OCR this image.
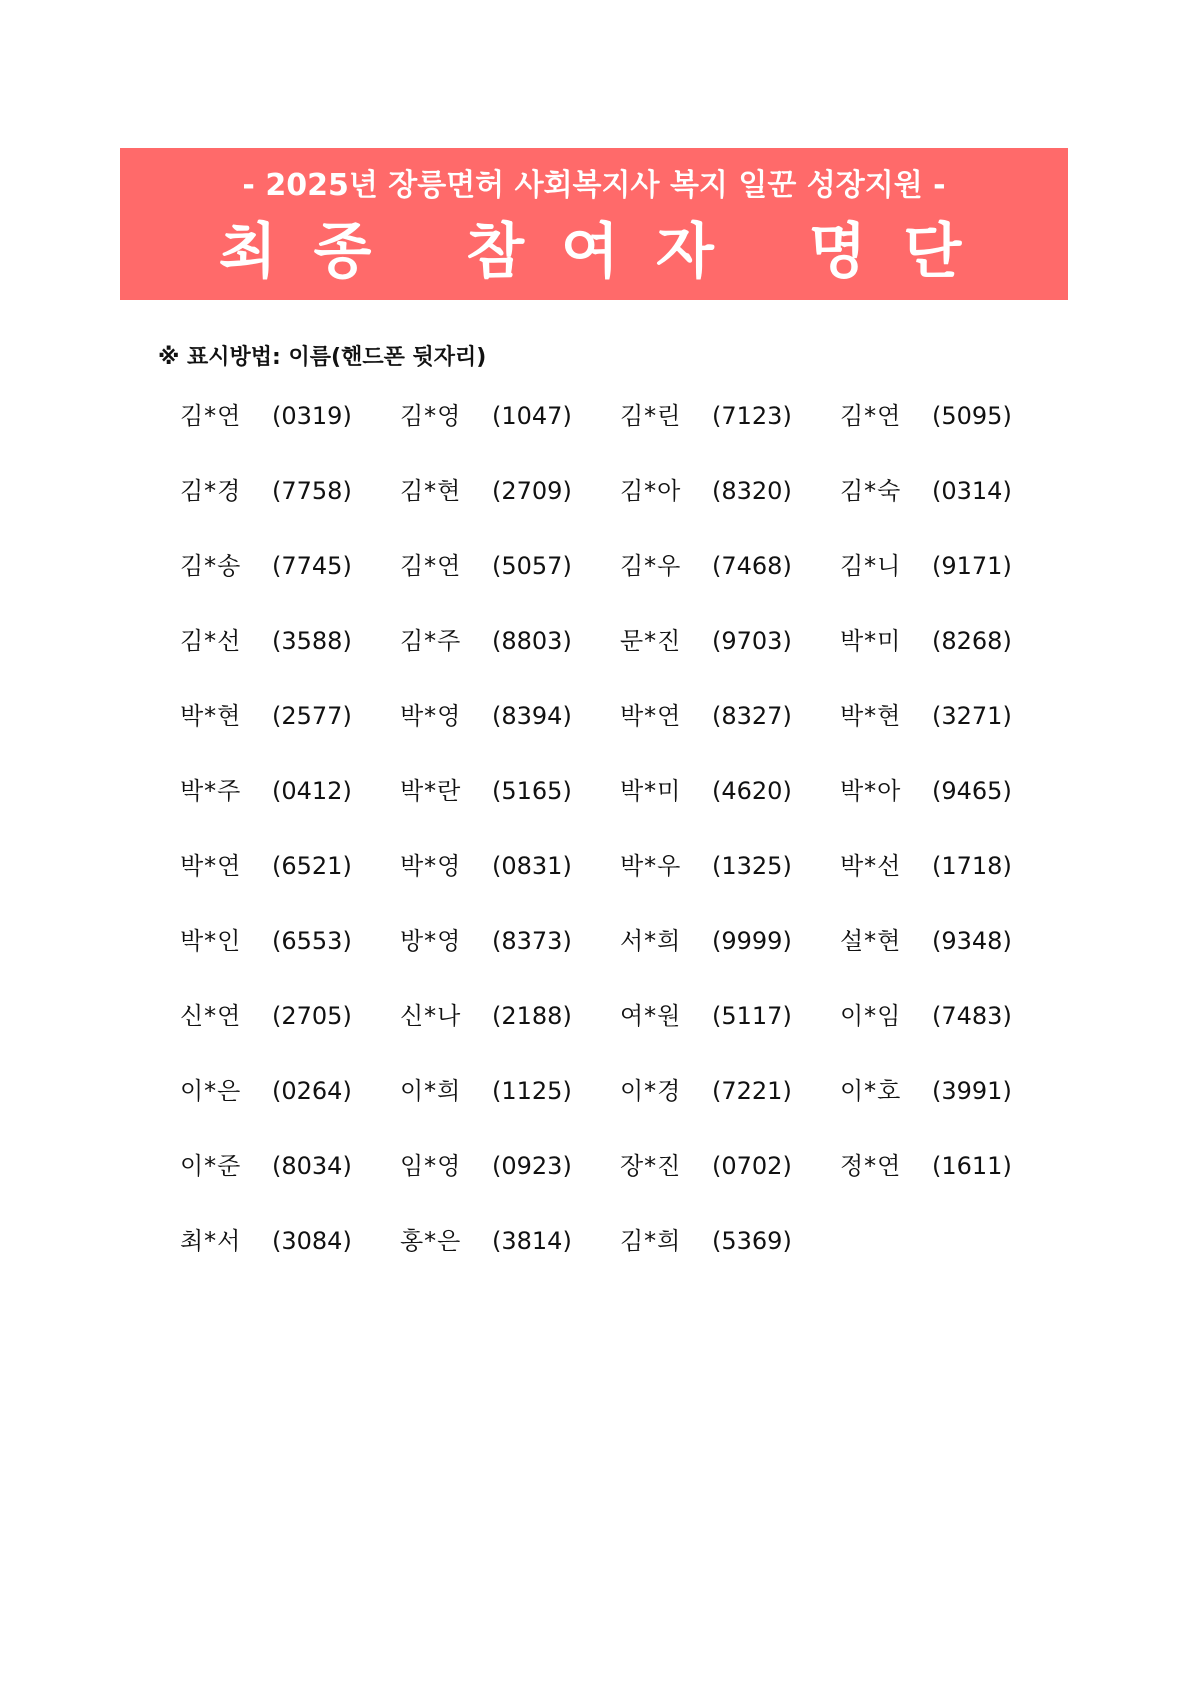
- 2025년 장릉면허 사회복지사 복지 일꾼 성장지원 -
최 종   참 여 자   명 단
※ 표시방법: 이름(핸드폰 뒷자리)
김*연	(0319) 김*영	(1047) 김*린	(7123) 김*연	(5095)
김*경	(7758) 김*현	(2709) 김*아	(8320) 김*숙	(0314)
김*송	(7745) 김*연	(5057) 김*우	(7468) 김*니	(9171)
김*선	(3588) 김*주	(8803) 문*진	(9703) 박*미	(8268)
박*현	(2577) 박*영	(8394) 박*연	(8327) 박*현	(3271)
박*주	(0412) 박*란	(5165) 박*미	(4620) 박*아	(9465)
박*연	(6521) 박*영	(0831) 박*우	(1325) 박*선	(1718)
박*인	(6553) 방*영	(8373) 서*희	(9999) 설*현	(9348)
신*연	(2705) 신*나	(2188) 여*원	(5117) 이*임	(7483)
이*은	(0264) 이*희	(1125) 이*경	(7221) 이*호	(3991)
이*준	(8034) 임*영	(0923) 장*진	(0702) 정*연	(1611)
최*서	(3084) 홍*은	(3814) 김*희	(5369)
